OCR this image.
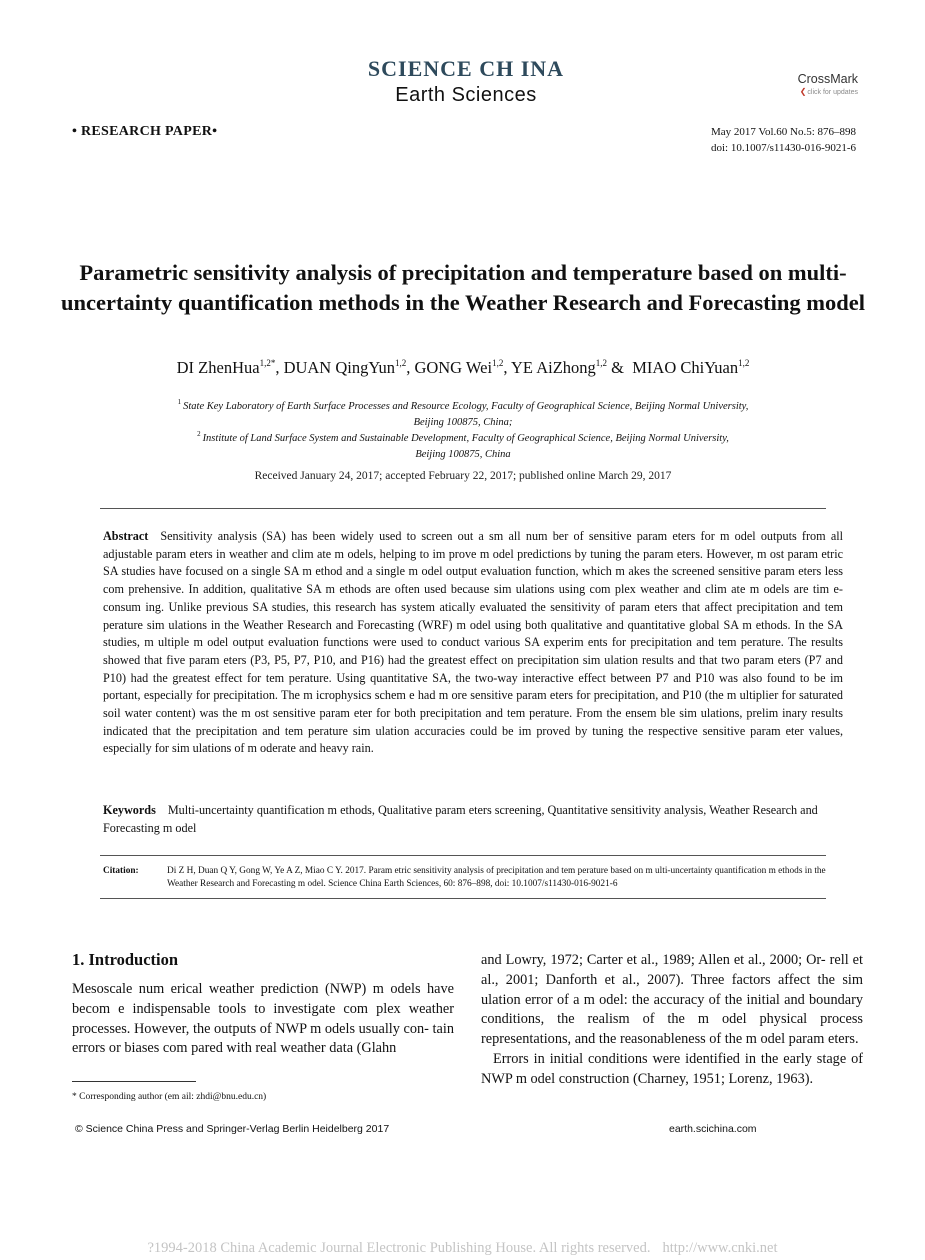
SCIENCE CH INA
Earth Sciences
CrossMark
❮click for updates
• RESEARCH PAPER•	May 2017 Vol.60 No.5: 876–898
doi: 10.1007/s11430-016-9021-6
Parametric sensitivity analysis of precipitation and temperature based on multi-uncertainty quantification methods in the Weather Research and Forecasting model
DI ZhenHua$^{1,2*}$, DUAN QingYun$^{1,2}$, GONG Wei$^{1,2}$, YE AiZhong$^{1,2}$ &  MIAO ChiYuan$^{1,2}$
$^1$ State Key Laboratory of Earth Surface Processes and Resource Ecology, Faculty of Geographical Science, Beijing Normal University,
Beijing 100875, China;
$^2$ Institute of Land Surface System and Sustainable Development, Faculty of Geographical Science, Beijing Normal University,
Beijing 100875, China
Received January 24, 2017; accepted February 22, 2017; published online March 29, 2017
Abstract Sensitivity analysis (SA) has been widely used to screen out a sm all num ber of sensitive param eters for m odel outputs from all adjustable param eters in weather and clim ate m odels, helping to im prove m odel predictions by tuning the param eters. However, m ost param etric SA studies have focused on a single SA m ethod and a single m odel output evaluation function, which m akes the screened sensitive param eters less com prehensive. In addition, qualitative SA m ethods are often used because sim ulations using com plex weather and clim ate m odels are tim e-consum ing. Unlike previous SA studies, this research has system atically evaluated the sensitivity of param eters that affect precipitation and tem perature sim ulations in the Weather Research and Forecasting (WRF) m odel using both qualitative and quantitative global SA m ethods. In the SA studies, m ultiple m odel output evaluation functions were used to conduct various SA experim ents for precipitation and tem perature. The results showed that five param eters (P3, P5, P7, P10, and P16) had the greatest effect on precipitation sim ulation results and that two param eters (P7 and P10) had the greatest effect for tem perature. Using quantitative SA, the two-way interactive effect between P7 and P10 was also found to be im portant, especially for precipitation. The m icrophysics schem e had m ore sensitive param eters for precipitation, and P10 (the m ultiplier for saturated soil water content) was the m ost sensitive param eter for both precipitation and tem perature. From the ensem ble sim ulations, prelim inary results indicated that the precipitation and tem perature sim ulation accuracies could be im proved by tuning the respective sensitive param eter values, especially for sim ulations of m oderate and heavy rain.
Keywords Multi-uncertainty quantification m ethods, Qualitative param eters screening, Quantitative sensitivity analysis, Weather Research and Forecasting m odel
Citation:	Di Z H, Duan Q Y, Gong W, Ye A Z, Miao C Y. 2017. Param etric sensitivity analysis of precipitation and tem perature based on m ulti-uncertainty quantification m ethods in the Weather Research and Forecasting m odel. Science China Earth Sciences, 60: 876–898, doi: 10.1007/s11430-016-9021-6
1. Introduction

Mesoscale num erical weather prediction (NWP) m odels have becom e indispensable tools to investigate com plex weather processes. However, the outputs of NWP m odels usually con- tain errors or biases com pared with real weather data (Glahn

and Lowry, 1972; Carter et al., 1989; Allen et al., 2000; Or- rell et al., 2001; Danforth et al., 2007). Three factors affect the sim ulation error of a m odel: the accuracy of the initial and boundary conditions, the realism of the m odel physical process representations, and the reasonableness of the m odel param eters.

Errors in initial conditions were identified in the early stage of NWP m odel construction (Charney, 1951; Lorenz, 1963).

* Corresponding author (em ail: zhdi@bnu.edu.cn)
© Science China Press and Springer-Verlag Berlin Heidelberg 2017	earth.scichina.com
?1994-2018 China Academic Journal Electronic Publishing House. All rights reserved. http://www.cnki.net
